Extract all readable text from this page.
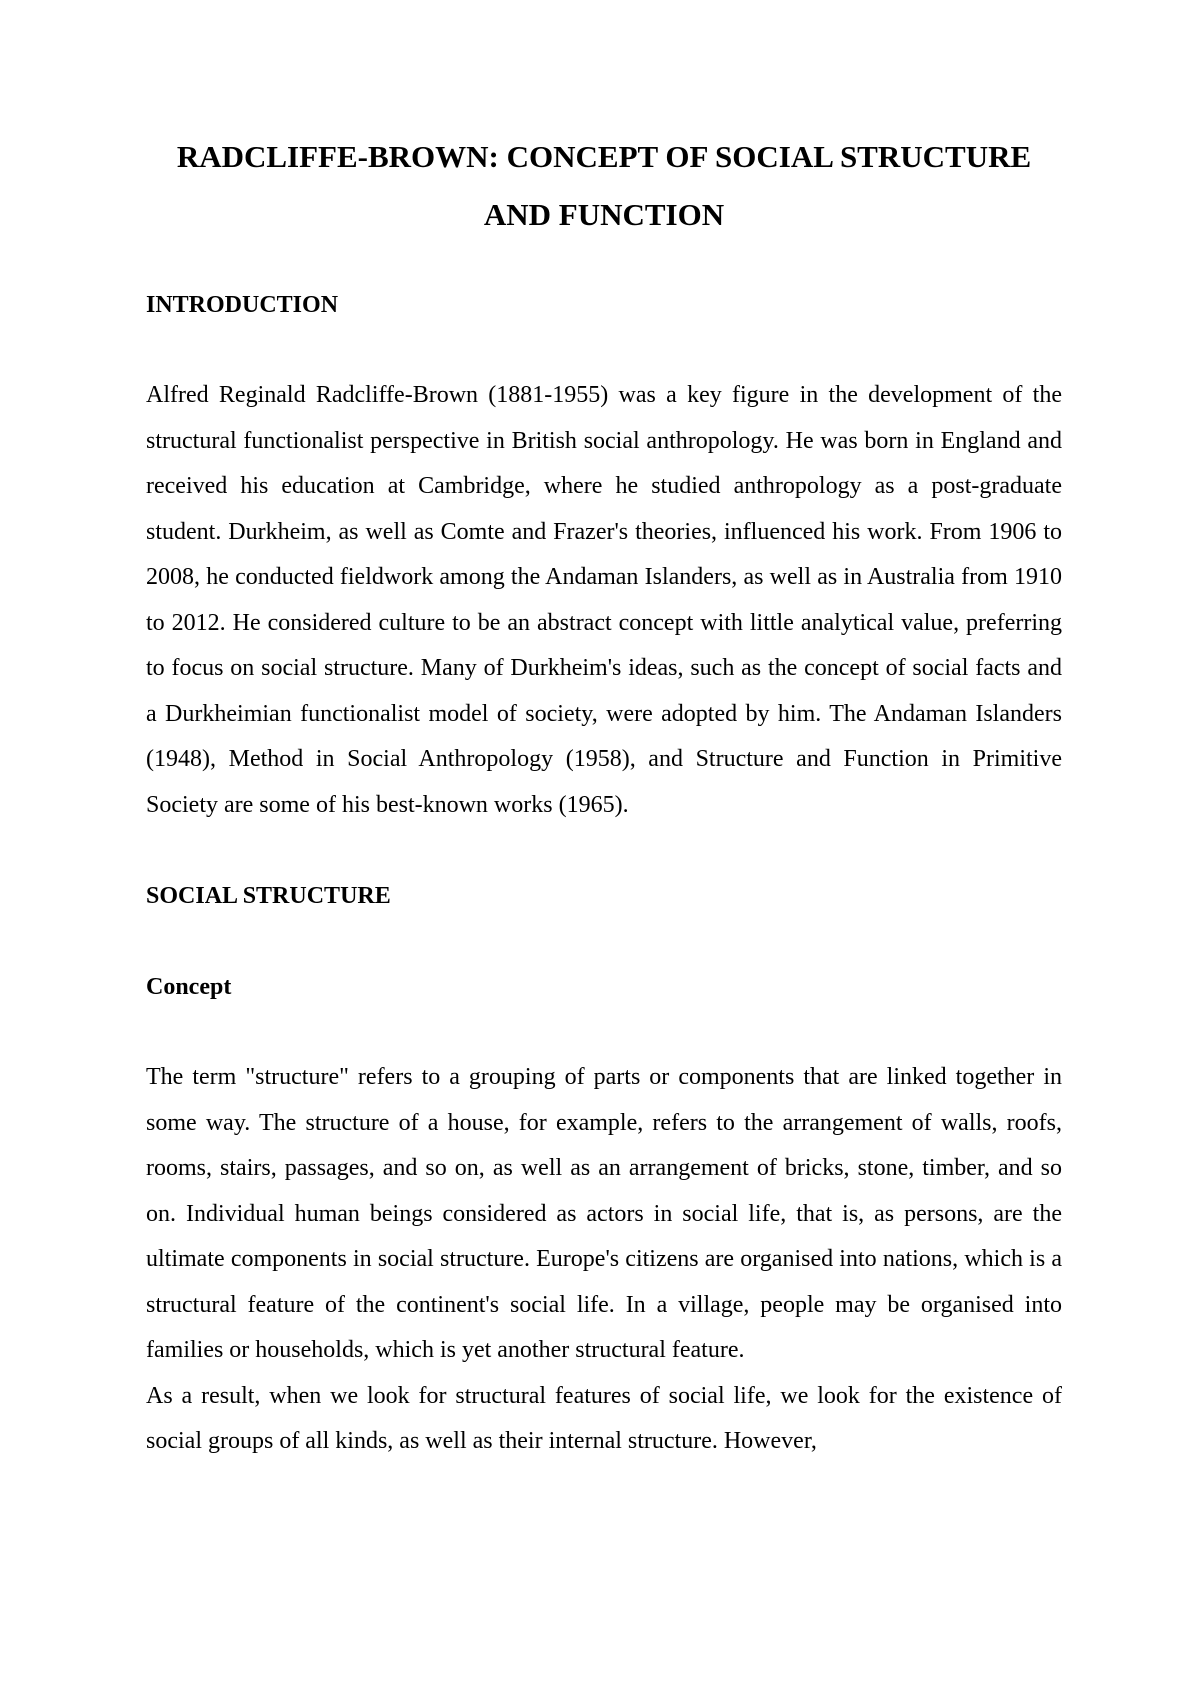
RADCLIFFE-BROWN: CONCEPT OF SOCIAL STRUCTURE
AND FUNCTION
INTRODUCTION

Alfred Reginald Radcliffe-Brown (1881-1955) was a key figure in the development of the structural functionalist perspective in British social anthropology. He was born in England and received his education at Cambridge, where he studied anthropology as a post-graduate student. Durkheim, as well as Comte and Frazer's theories, influenced his work. From 1906 to 2008, he conducted fieldwork among the Andaman Islanders, as well as in Australia from 1910 to 2012. He considered culture to be an abstract concept with little analytical value, preferring to focus on social structure. Many of Durkheim's ideas, such as the concept of social facts and a Durkheimian functionalist model of society, were adopted by him. The Andaman Islanders (1948), Method in Social Anthropology (1958), and Structure and Function in Primitive Society are some of his best-known works (1965).

SOCIAL STRUCTURE
Concept

The term "structure" refers to a grouping of parts or components that are linked together in some way. The structure of a house, for example, refers to the arrangement of walls, roofs, rooms, stairs, passages, and so on, as well as an arrangement of bricks, stone, timber, and so on. Individual human beings considered as actors in social life, that is, as persons, are the ultimate components in social structure. Europe's citizens are organised into nations, which is a structural feature of the continent's social life. In a village, people may be organised into families or households, which is yet another structural feature.

As a result, when we look for structural features of social life, we look for the existence of social groups of all kinds, as well as their internal structure. However,
